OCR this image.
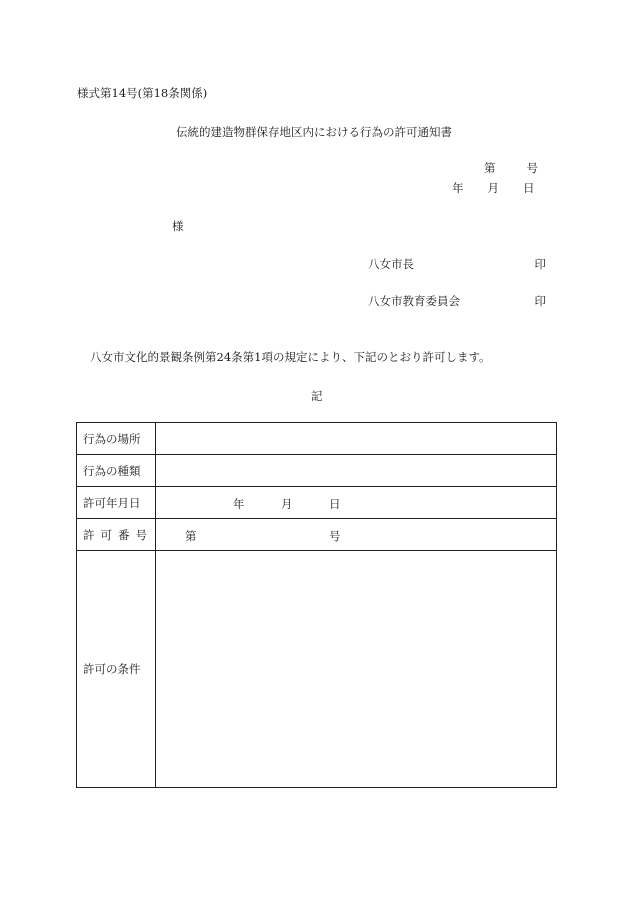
様式第14号(第18条関係)
伝統的建造物群保存地区内における行為の許可通知書
第	号
年 月 日
様
八女市長	印
八女市教育委員会	印
八女市文化的景観条例第24条第1項の規定により、下記のとおり許可します。
記
行為の場所	
行為の種類	
許可年月日	年 月 日

許可番号	第 号

許可の条件	
